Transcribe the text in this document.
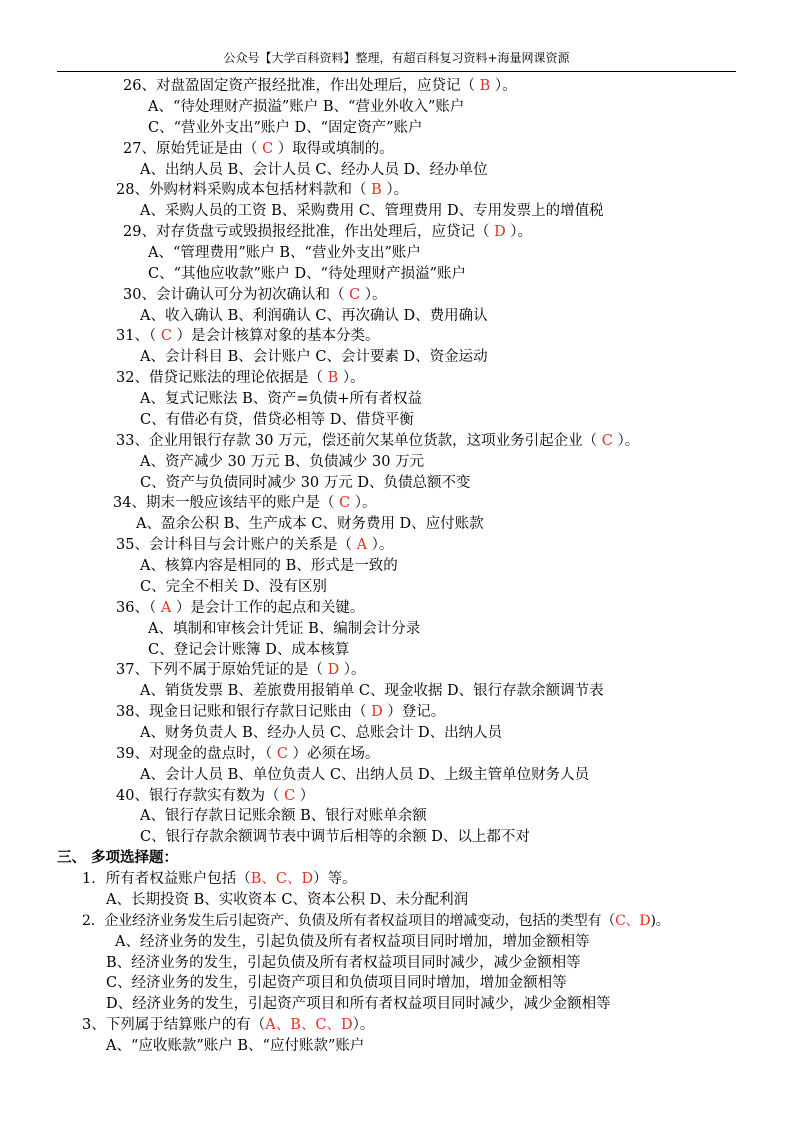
公众号【大学百科资料】整理，有超百科复习资料+海量网课资源
26、对盘盈固定资产报经批准，作出处理后，应贷记（ B ）。
A、“待处理财产损溢”账户 B、“营业外收入”账户
C、“营业外支出”账户 D、“固定资产”账户
27、原始凭证是由（ C ）取得或填制的。
A、出纳人员 B、会计人员 C、经办人员 D、经办单位
28、外购材料采购成本包括材料款和（ B ）。
A、采购人员的工资 B、采购费用 C、管理费用 D、专用发票上的增值税
29、对存货盘亏或毁损报经批准，作出处理后，应贷记（ D ）。
A、“管理费用”账户 B、“营业外支出”账户
C、“其他应收款”账户 D、“待处理财产损溢”账户
30、会计确认可分为初次确认和（ C ）。
A、收入确认 B、利润确认 C、再次确认 D、费用确认
31、（ C ）是会计核算对象的基本分类。
A、会计科目 B、会计账户 C、会计要素 D、资金运动
32、借贷记账法的理论依据是（ B ）。
A、复式记账法 B、资产=负债+所有者权益
C、有借必有贷，借贷必相等 D、借贷平衡
33、企业用银行存款 30 万元，偿还前欠某单位货款，这项业务引起企业（ C ）。
A、资产减少 30 万元 B、负债减少 30 万元
C、资产与负债同时减少 30 万元 D、负债总额不变
34、期末一般应该结平的账户是（ C ）。
A、盈余公积 B、生产成本 C、财务费用 D、应付账款
35、会计科目与会计账户的关系是（ A ）。
A、核算内容是相同的 B、形式是一致的
C、完全不相关 D、没有区别
36、（ A ）是会计工作的起点和关键。
A、填制和审核会计凭证 B、编制会计分录
C、登记会计账簿 D、成本核算
37、下列不属于原始凭证的是（ D ）。
A、销货发票 B、差旅费用报销单 C、现金收据 D、银行存款余额调节表
38、现金日记账和银行存款日记账由（ D ）登记。
A、财务负责人 B、经办人员 C、总账会计 D、出纳人员
39、对现金的盘点时，（ C ）必须在场。
A、会计人员 B、单位负责人 C、出纳人员 D、上级主管单位财务人员
40、银行存款实有数为（ C ）
A、银行存款日记账余额 B、银行对账单余额
C、银行存款余额调节表中调节后相等的余额 D、以上都不对
三、 多项选择题：
1．所有者权益账户包括（B、C、D）等。
A、长期投资 B、实收资本 C、资本公积 D、未分配利润
2．企业经济业务发生后引起资产、负债及所有者权益项目的增减变动，包括的类型有（C、D)。
A、经济业务的发生，引起负债及所有者权益项目同时增加，增加金额相等
B、经济业务的发生，引起负债及所有者权益项目同时减少，减少金额相等
C、经济业务的发生，引起资产项目和负债项目同时增加，增加金额相等
D、经济业务的发生，引起资产项目和所有者权益项目同时减少，减少金额相等
3、下列属于结算账户的有（A、B、C、D）。
A、“应收账款”账户 B、“应付账款”账户
